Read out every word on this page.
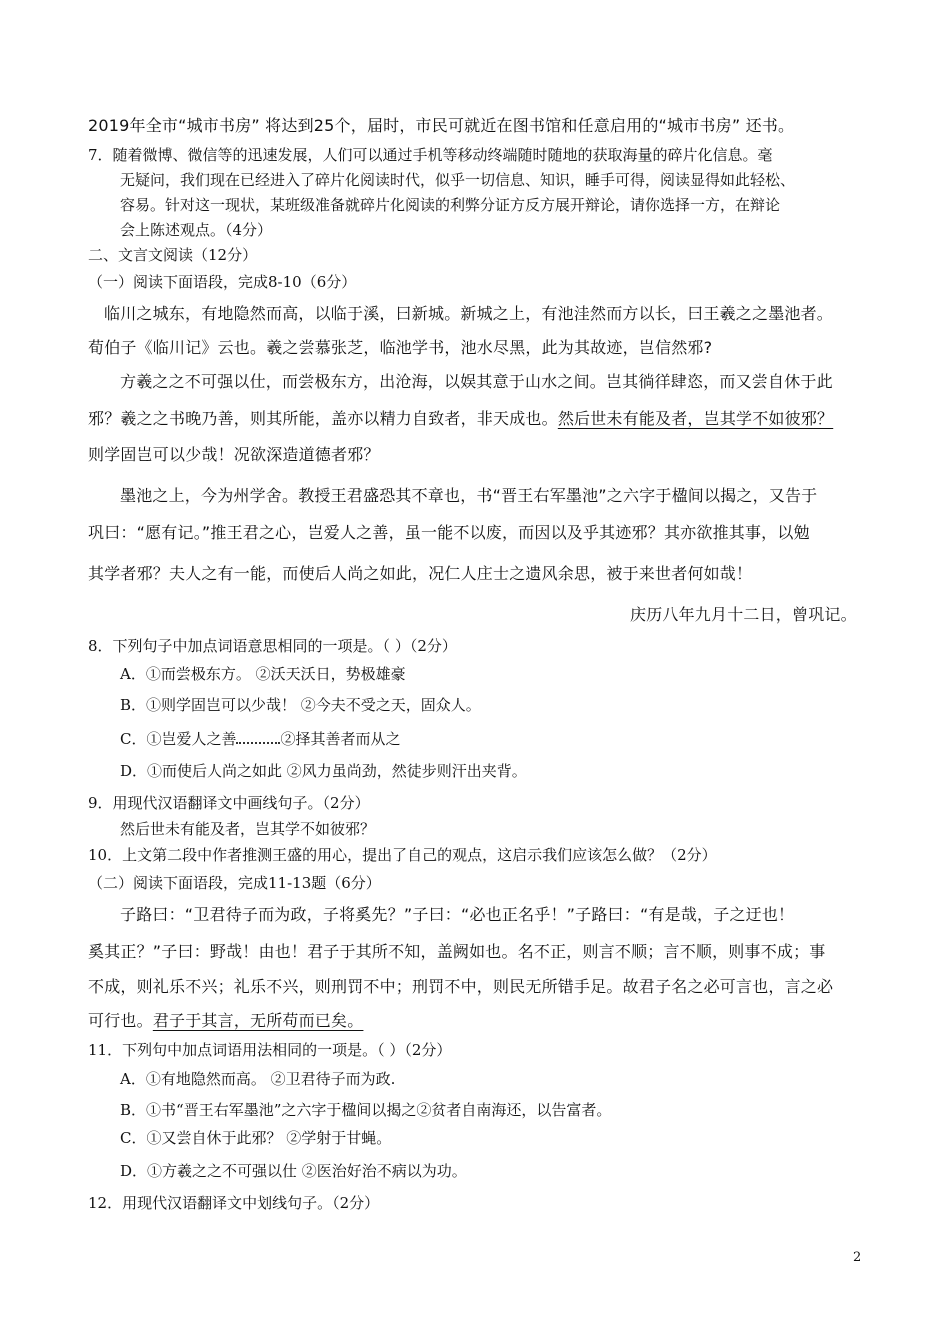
2019年全市“城市书房” 将达到25个，届时，市民可就近在图书馆和任意启用的“城市书房” 还书。
7．随着微博、微信等的迅速发展，人们可以通过手机等移动终端随时随地的获取海量的碎片化信息。毫
无疑问，我们现在已经进入了碎片化阅读时代，似乎一切信息、知识，睡手可得，阅读显得如此轻松、
容易。针对这一现状，某班级准备就碎片化阅读的利弊分证方反方展开辩论，请你选择一方，在辩论
会上陈述观点。（4分）
二、文言文阅读（12分）
（一）阅读下面语段，完成8-10（6分）
临川之城东，有地隐然而高，以临于溪，曰新城。新城之上，有池洼然而方以长，曰王羲之之墨池者。
荀伯子《临川记》云也。羲之尝慕张芝，临池学书，池水尽黑，此为其故迹，岂信然邪?
方羲之之不可强以仕，而尝极东方，出沧海，以娱其意于山水之间。岂其徜徉肆恣，而又尝自休于此
邪？羲之之书晚乃善，则其所能，盖亦以精力自致者，非天成也。然后世未有能及者，岂其学不如彼邪？
则学固岂可以少哉！况欲深造道德者邪？
墨池之上，今为州学舍。教授王君盛恐其不章也，书“晋王右军墨池”之六字于楹间以揭之，又告于
巩曰：“愿有记。”推王君之心，岂爱人之善，虽一能不以废，而因以及乎其迹邪？其亦欲推其事，以勉
其学者邪？夫人之有一能，而使后人尚之如此，况仁人庄士之遗风余思，被于来世者何如哉！
庆历八年九月十二日，曾巩记。
8．下列句子中加点词语意思相同的一项是。（ ）（2分）
A．①而尝极东方。 ②沃天沃日，势极雄豪
B．①则学固岂可以少哉！ ②今夫不受之天，固众人。
C．①岂爱人之善	②择其善者而从之
D．①而使后人尚之如此 ②风力虽尚劲，然徒步则汗出夹背。
9．用现代汉语翻译文中画线句子。（2分）
然后世未有能及者，岂其学不如彼邪？
10．上文第二段中作者推测王盛的用心，提出了自己的观点，这启示我们应该怎么做？（2分）
（二）阅读下面语段，完成11-13题（6分）
子路曰：“卫君待子而为政，子将奚先？”子曰：“必也正名乎！”子路曰：“有是哉，子之迂也！
奚其正？”子曰：野哉！由也！君子于其所不知，盖阙如也。名不正，则言不顺；言不顺，则事不成；事
不成，则礼乐不兴；礼乐不兴，则刑罚不中；刑罚不中，则民无所错手足。故君子名之必可言也，言之必
可行也。君子于其言，无所苟而已矣。
11．下列句中加点词语用法相同的一项是。（ ）（2分）
A．①有地隐然而高。 ②卫君待子而为政.
B．①书“晋王右军墨池”之六字于楹间以揭之②贫者自南海还，以告富者。
C．①又尝自休于此邪？ ②学射于甘蝇。
D．①方羲之之不可强以仕 ②医治好治不病以为功。
12．用现代汉语翻译文中划线句子。（2分）
2
